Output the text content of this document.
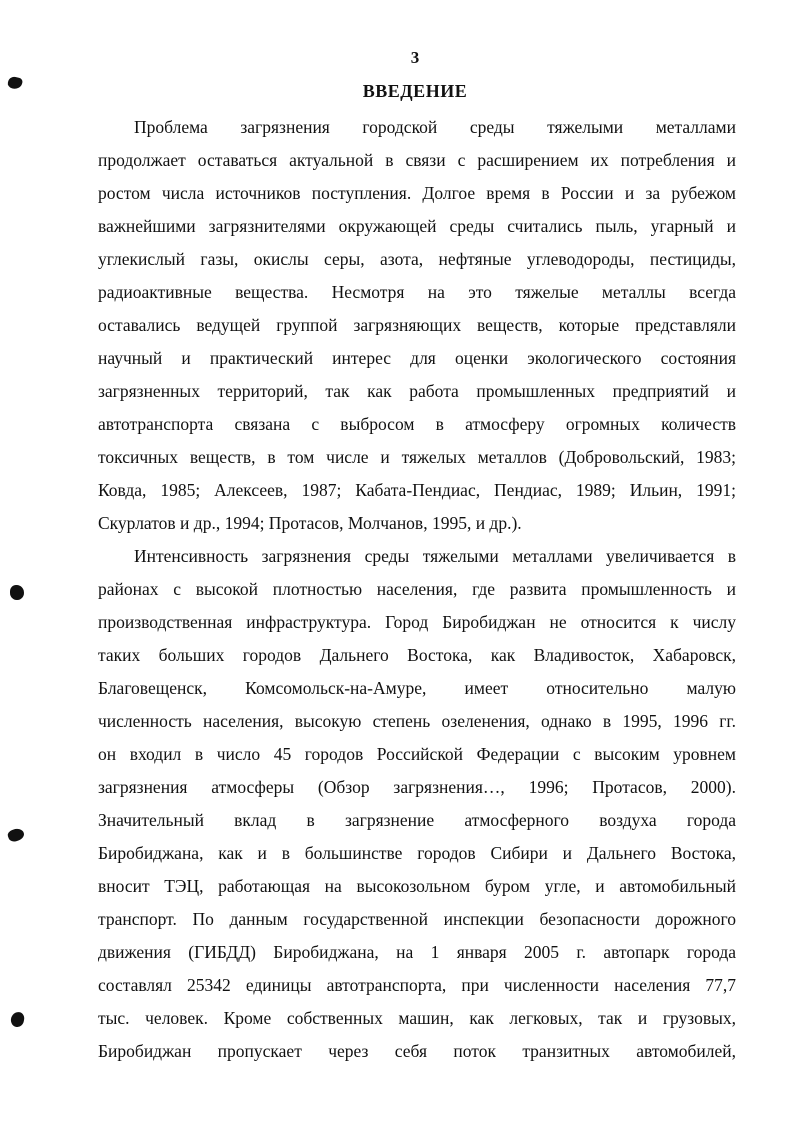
3
ВВЕДЕНИЕ
Проблема загрязнения городской среды тяжелыми металлами
продолжает оставаться актуальной в связи с расширением их потребления и
ростом числа источников поступления. Долгое время в России и за рубежом
важнейшими загрязнителями окружающей среды считались пыль, угарный и
углекислый газы, окислы серы, азота, нефтяные углеводороды, пестициды,
радиоактивные вещества. Несмотря на это тяжелые металлы всегда
оставались ведущей группой загрязняющих веществ, которые представляли
научный и практический интерес для оценки экологического состояния
загрязненных территорий, так как работа промышленных предприятий и
автотранспорта связана с выбросом в атмосферу огромных количеств
токсичных веществ, в том числе и тяжелых металлов (Добровольский, 1983;
Ковда, 1985; Алексеев, 1987; Кабата-Пендиас, Пендиас, 1989; Ильин, 1991;
Скурлатов и др., 1994; Протасов, Молчанов, 1995, и др.).
Интенсивность загрязнения среды тяжелыми металлами увеличивается в
районах с высокой плотностью населения, где развита промышленность и
производственная инфраструктура. Город Биробиджан не относится к числу
таких больших городов Дальнего Востока, как Владивосток, Хабаровск,
Благовещенск, Комсомольск-на-Амуре, имеет относительно малую
численность населения, высокую степень озеленения, однако в 1995, 1996 гг.
он входил в число 45 городов Российской Федерации с высоким уровнем
загрязнения атмосферы (Обзор загрязнения…, 1996; Протасов, 2000).
Значительный вклад в загрязнение атмосферного воздуха города
Биробиджана, как и в большинстве городов Сибири и Дальнего Востока,
вносит ТЭЦ, работающая на высокозольном буром угле, и автомобильный
транспорт. По данным государственной инспекции безопасности дорожного
движения (ГИБДД) Биробиджана, на 1 января 2005 г. автопарк города
составлял 25342 единицы автотранспорта, при численности населения 77,7
тыс. человек. Кроме собственных машин, как легковых, так и грузовых,
Биробиджан пропускает через себя поток транзитных автомобилей,
